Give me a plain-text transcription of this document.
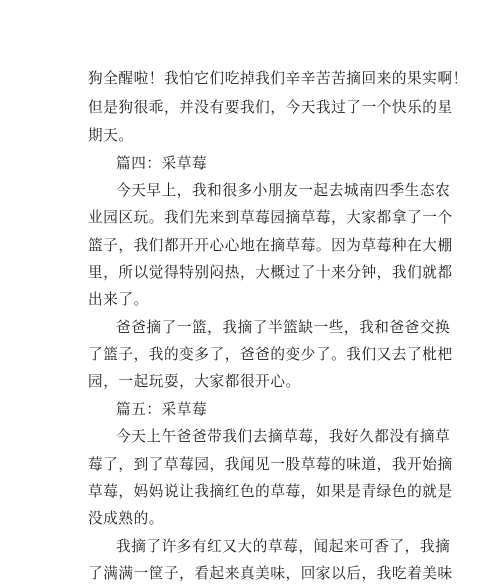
狗全醒啦！我怕它们吃掉我们辛辛苦苦摘回来的果实啊！
但是狗很乖，并没有要我们，今天我过了一个快乐的星
期天。
篇四：采草莓
今天早上，我和很多小朋友一起去城南四季生态农
业园区玩。我们先来到草莓园摘草莓，大家都拿了一个
篮子，我们都开开心心地在摘草莓。因为草莓种在大棚
里，所以觉得特别闷热，大概过了十来分钟，我们就都
出来了。
爸爸摘了一篮，我摘了半篮缺一些，我和爸爸交换
了篮子，我的变多了，爸爸的变少了。我们又去了枇杷
园，一起玩耍，大家都很开心。
篇五：采草莓
今天上午爸爸带我们去摘草莓，我好久都没有摘草
莓了，到了草莓园，我闻见一股草莓的味道，我开始摘
草莓，妈妈说让我摘红色的草莓，如果是青绿色的就是
没成熟的。
我摘了许多有红又大的草莓，闻起来可香了，我摘
了满满一筐子，看起来真美味，回家以后，我吃着美味
